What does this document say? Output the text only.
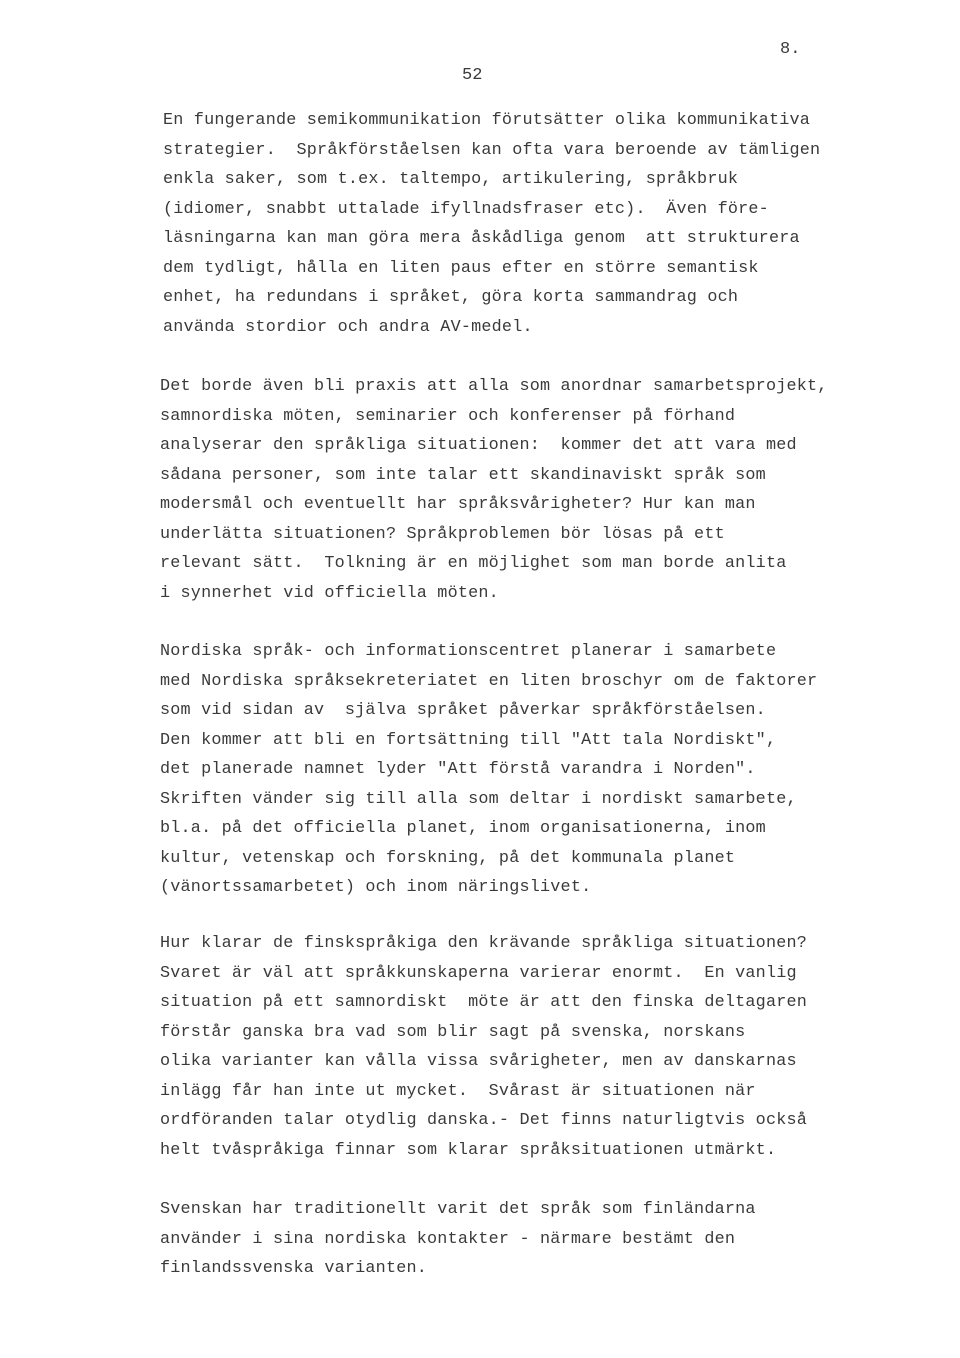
8.
52
En fungerande semikommunikation förutsätter olika kommunikativa
strategier.  Språkförståelsen kan ofta vara beroende av tämligen
enkla saker, som t.ex. taltempo, artikulering, språkbruk
(idiomer, snabbt uttalade ifyllnadsfraser etc).  Även före-
läsningarna kan man göra mera åskådliga genom  att strukturera
dem tydligt, hålla en liten paus efter en större semantisk
enhet, ha redundans i språket, göra korta sammandrag och
använda stordior och andra AV-medel.
Det borde även bli praxis att alla som anordnar samarbetsprojekt,
samnordiska möten, seminarier och konferenser på förhand
analyserar den språkliga situationen:  kommer det att vara med
sådana personer, som inte talar ett skandinaviskt språk som
modersmål och eventuellt har språksvårigheter? Hur kan man
underlätta situationen? Språkproblemen bör lösas på ett
relevant sätt.  Tolkning är en möjlighet som man borde anlita
i synnerhet vid officiella möten.
Nordiska språk- och informationscentret planerar i samarbete
med Nordiska språksekreteriatet en liten broschyr om de faktorer
som vid sidan av  själva språket påverkar språkförståelsen.
Den kommer att bli en fortsättning till "Att tala Nordiskt",
det planerade namnet lyder "Att förstå varandra i Norden".
Skriften vänder sig till alla som deltar i nordiskt samarbete,
bl.a. på det officiella planet, inom organisationerna, inom
kultur, vetenskap och forskning, på det kommunala planet
(vänortssamarbetet) och inom näringslivet.
Hur klarar de finskspråkiga den krävande språkliga situationen?
Svaret är väl att språkkunskaperna varierar enormt.  En vanlig
situation på ett samnordiskt  möte är att den finska deltagaren
förstår ganska bra vad som blir sagt på svenska, norskans
olika varianter kan vålla vissa svårigheter, men av danskarnas
inlägg får han inte ut mycket.  Svårast är situationen när
ordföranden talar otydlig danska.- Det finns naturligtvis också
helt tvåspråkiga finnar som klarar språksituationen utmärkt.
Svenskan har traditionellt varit det språk som finländarna
använder i sina nordiska kontakter - närmare bestämt den
finlandssvenska varianten.
